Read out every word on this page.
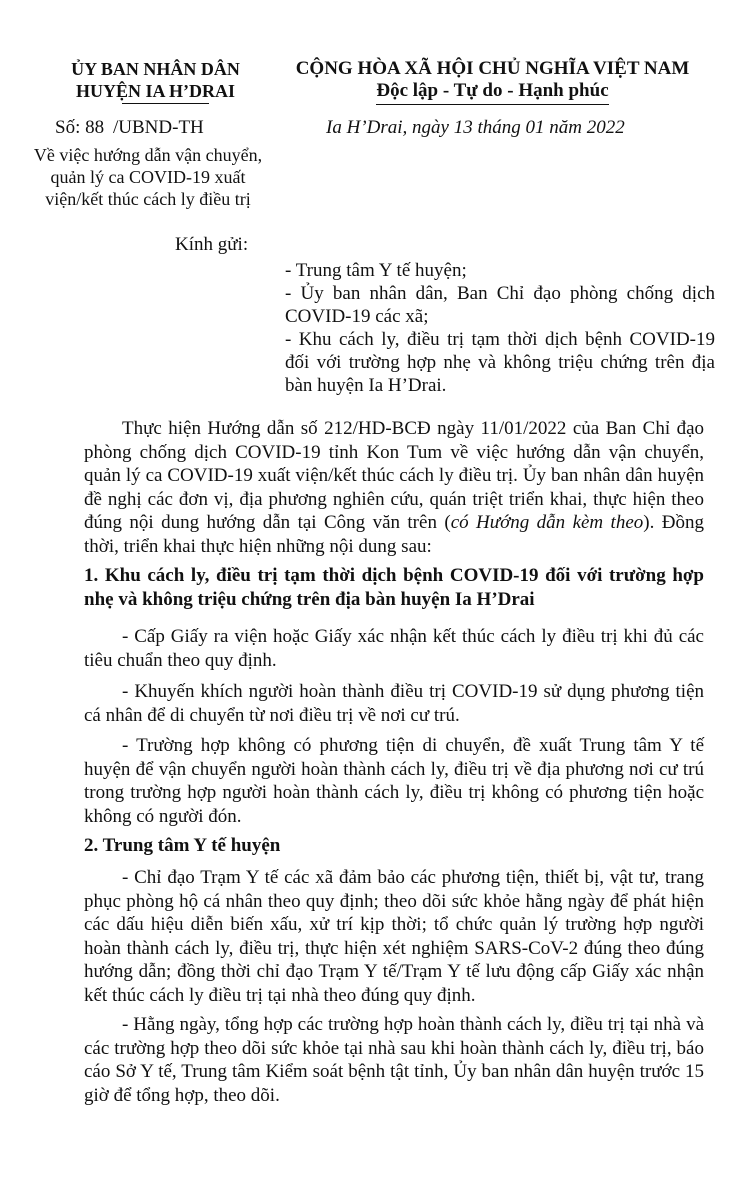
ỦY BAN NHÂN DÂN
HUYỆN IA H’DRAI
CỘNG HÒA XÃ HỘI CHỦ NGHĨA VIỆT NAM
Độc lập - Tự do - Hạnh phúc
Số: 88 /UBND-TH	Ia H’Drai, ngày 13 tháng 01 năm 2022
Về việc hướng dẫn vận chuyển,
quản lý ca COVID-19 xuất
viện/kết thúc cách ly điều trị
Kính gửi:
- Trung tâm Y tế huyện;
- Ủy ban nhân dân, Ban Chỉ đạo phòng chống dịch COVID-19 các xã;
- Khu cách ly, điều trị tạm thời dịch bệnh COVID-19 đối với trường hợp nhẹ và không triệu chứng trên địa bàn huyện Ia H’Drai.

Thực hiện Hướng dẫn số 212/HD-BCĐ ngày 11/01/2022 của Ban Chỉ đạo phòng chống dịch COVID-19 tỉnh Kon Tum về việc hướng dẫn vận chuyển, quản lý ca COVID-19 xuất viện/kết thúc cách ly điều trị. Ủy ban nhân dân huyện đề nghị các đơn vị, địa phương nghiên cứu, quán triệt triển khai, thực hiện theo đúng nội dung hướng dẫn tại Công văn trên (có Hướng dẫn kèm theo). Đồng thời, triển khai thực hiện những nội dung sau:

1. Khu cách ly, điều trị tạm thời dịch bệnh COVID-19 đối với trường hợp nhẹ và không triệu chứng trên địa bàn huyện Ia H’Drai

- Cấp Giấy ra viện hoặc Giấy xác nhận kết thúc cách ly điều trị khi đủ các tiêu chuẩn theo quy định.

- Khuyến khích người hoàn thành điều trị COVID-19 sử dụng phương tiện cá nhân để di chuyển từ nơi điều trị về nơi cư trú.

- Trường hợp không có phương tiện di chuyển, đề xuất Trung tâm Y tế huyện để vận chuyển người hoàn thành cách ly, điều trị về địa phương nơi cư trú trong trường hợp người hoàn thành cách ly, điều trị không có phương tiện hoặc không có người đón.

2. Trung tâm Y tế huyện

- Chỉ đạo Trạm Y tế các xã đảm bảo các phương tiện, thiết bị, vật tư, trang phục phòng hộ cá nhân theo quy định; theo dõi sức khỏe hằng ngày để phát hiện các dấu hiệu diễn biến xấu, xử trí kịp thời; tổ chức quản lý trường hợp người hoàn thành cách ly, điều trị, thực hiện xét nghiệm SARS-CoV-2 đúng theo đúng hướng dẫn; đồng thời chỉ đạo Trạm Y tế/Trạm Y tế lưu động cấp Giấy xác nhận kết thúc cách ly điều trị tại nhà theo đúng quy định.

- Hằng ngày, tổng hợp các trường hợp hoàn thành cách ly, điều trị tại nhà và các trường hợp theo dõi sức khỏe tại nhà sau khi hoàn thành cách ly, điều trị, báo cáo Sở Y tế, Trung tâm Kiểm soát bệnh tật tỉnh, Ủy ban nhân dân huyện trước 15 giờ để tổng hợp, theo dõi.
